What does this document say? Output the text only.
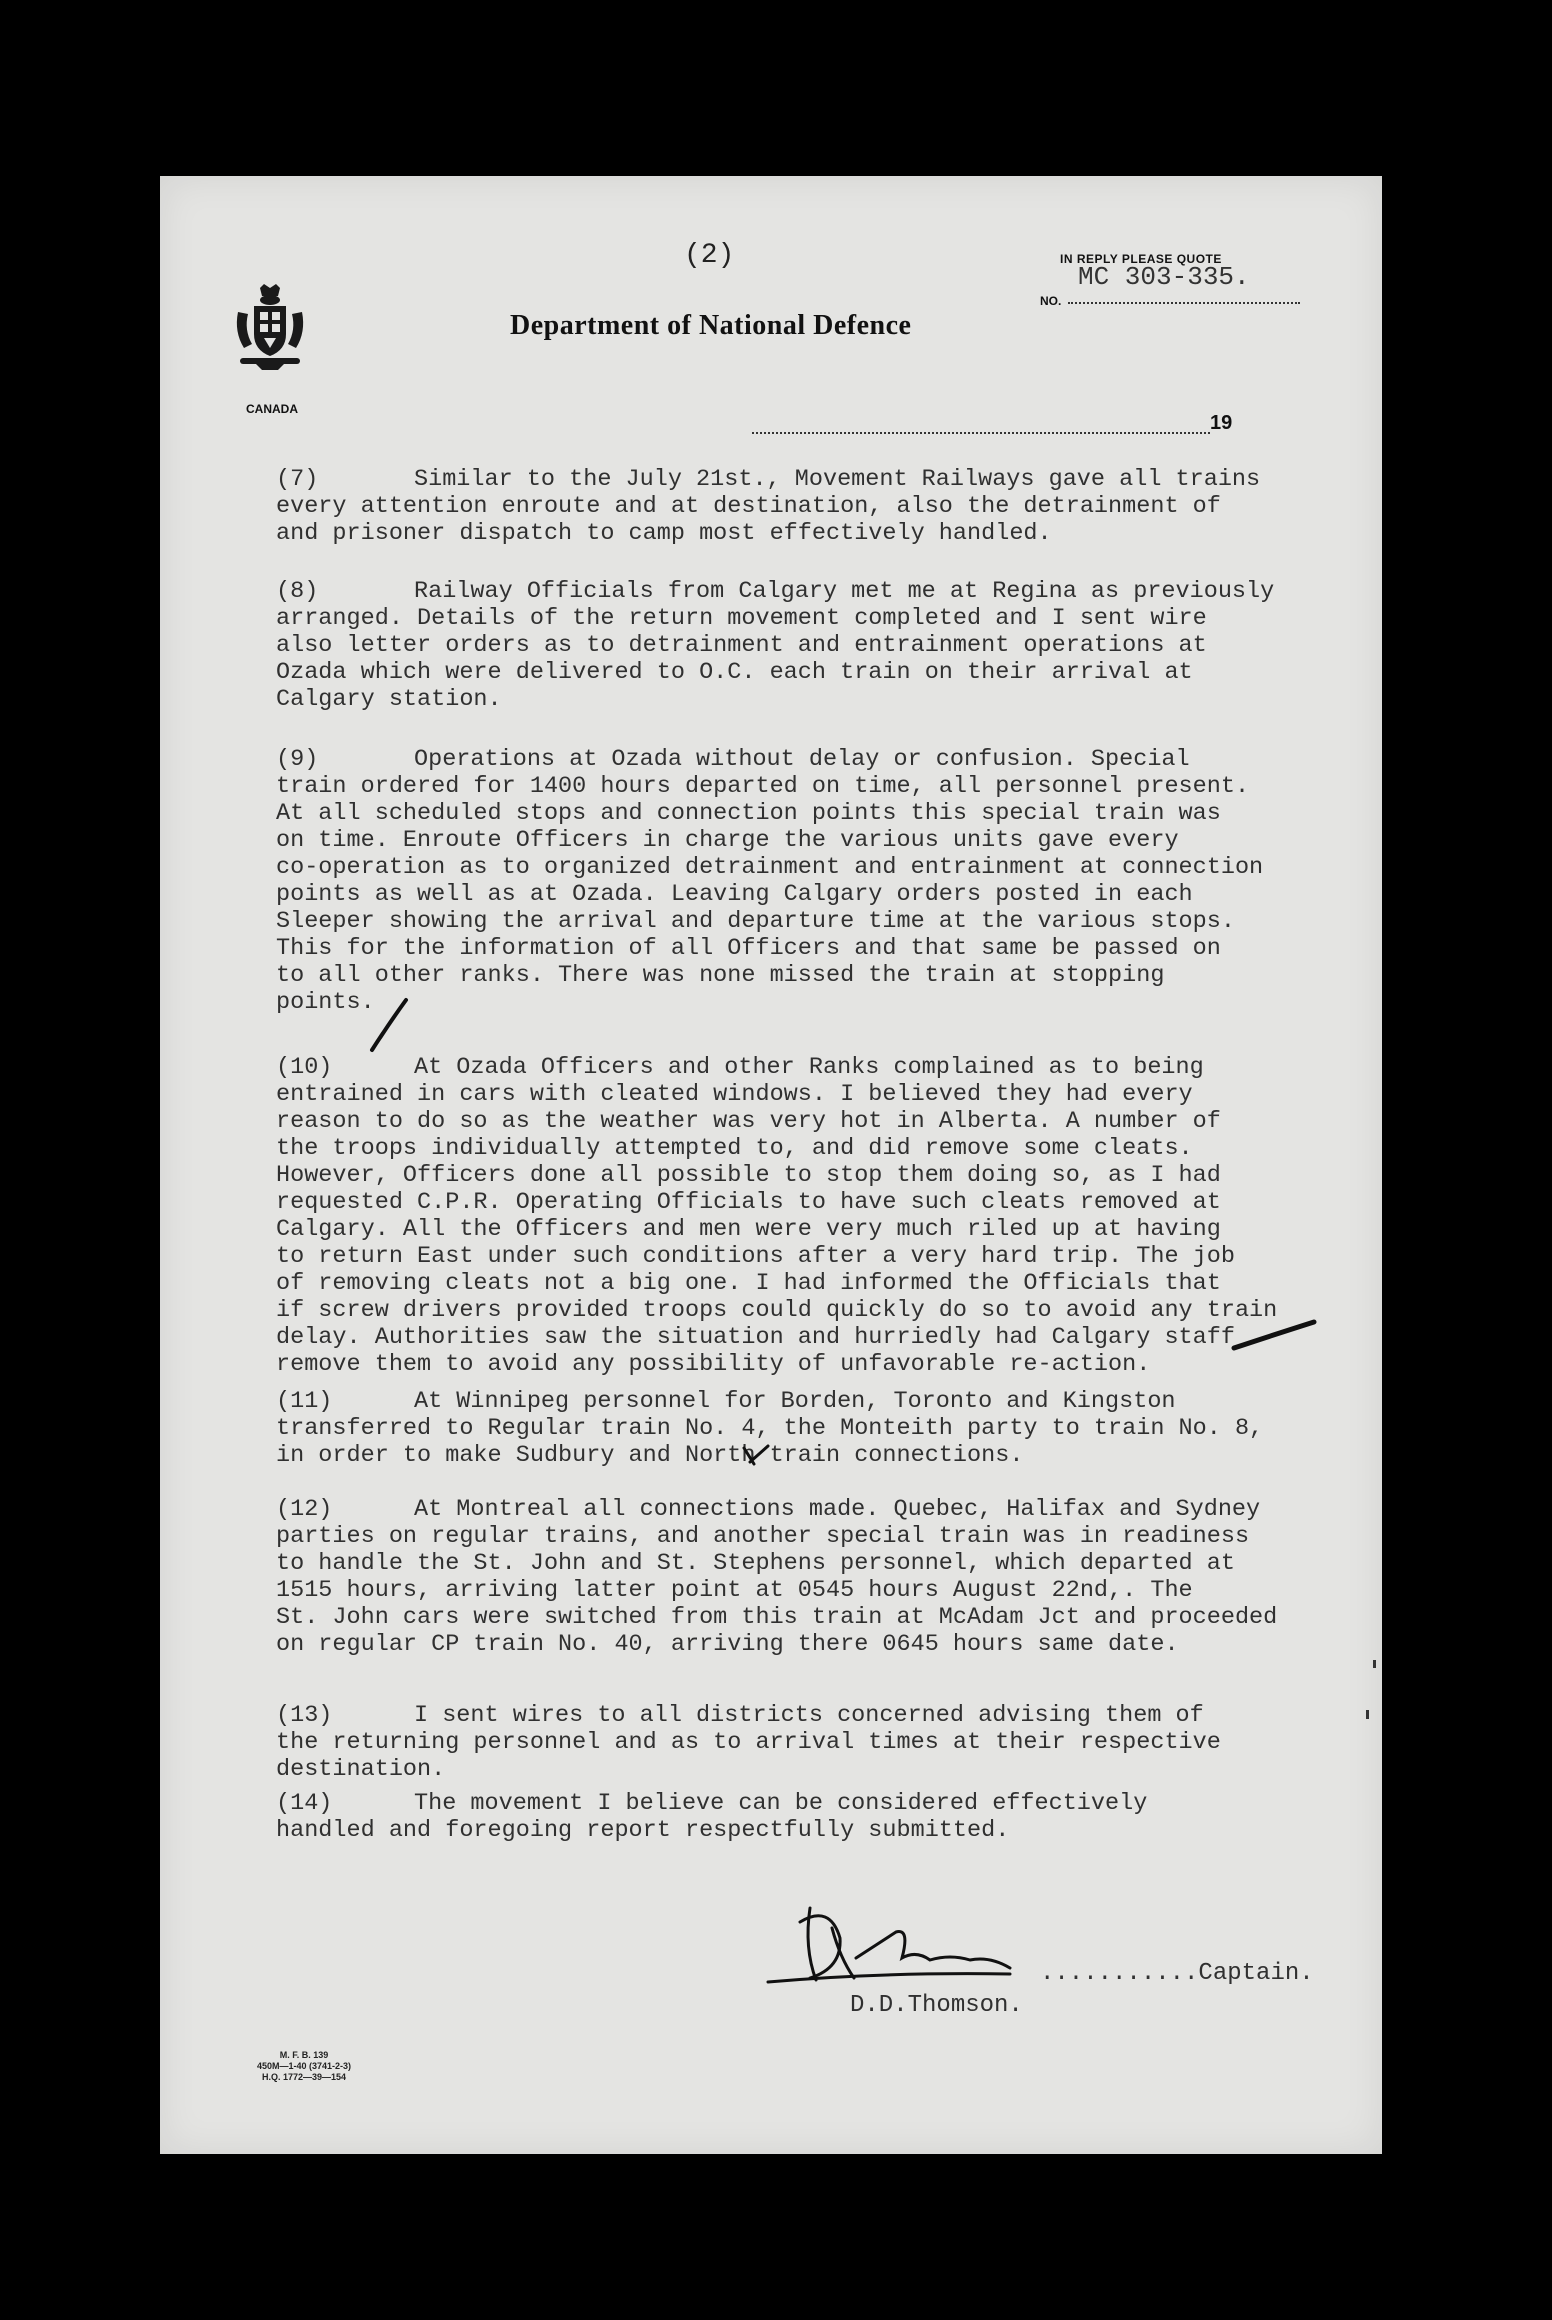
(2)	IN REPLY PLEASE QUOTE
MC 303-335.
NO.
CANADA
Department of National Defence
19
(7)	Similar to the July 21st., Movement Railways gave all trains
every attention enroute and at destination, also the detrainment of
and prisoner dispatch to camp most effectively handled.
(8)	Railway Officials from Calgary met me at Regina as previously
arranged. Details of the return movement completed and I sent wire
also letter orders as to detrainment and entrainment operations at
Ozada which were delivered to O.C. each train on their arrival at
Calgary station.
(9)	Operations at Ozada without delay or confusion. Special
train ordered for 1400 hours departed on time, all personnel present.
At all scheduled stops and connection points this special train was
on time. Enroute Officers in charge the various units gave every
co-operation as to organized detrainment and entrainment at connection
points as well as at Ozada. Leaving Calgary orders posted in each
Sleeper showing the arrival and departure time at the various stops.
This for the information of all Officers and that same be passed on
to all other ranks. There was none missed the train at stopping
points.
(10)	At Ozada Officers and other Ranks complained as to being
entrained in cars with cleated windows. I believed they had every
reason to do so as the weather was very hot in Alberta. A number of
the troops individually attempted to, and did remove some cleats.
However, Officers done all possible to stop them doing so, as I had
requested C.P.R. Operating Officials to have such cleats removed at
Calgary. All the Officers and men were very much riled up at having
to return East under such conditions after a very hard trip. The job
of removing cleats not a big one. I had informed the Officials that
if screw drivers provided troops could quickly do so to avoid any train
delay. Authorities saw the situation and hurriedly had Calgary staff
remove them to avoid any possibility of unfavorable re-action.
(11)	At Winnipeg personnel for Borden, Toronto and Kingston
transferred to Regular train No. 4, the Monteith party to train No. 8,
in order to make Sudbury and North train connections.
(12)	At Montreal all connections made. Quebec, Halifax and Sydney
parties on regular trains, and another special train was in readiness
to handle the St. John and St. Stephens personnel, which departed at
1515 hours, arriving latter point at 0545 hours August 22nd,. The
St. John cars were switched from this train at McAdam Jct and proceeded
on regular CP train No. 40, arriving there 0645 hours same date.
(13)	I sent wires to all districts concerned advising them of
the returning personnel and as to arrival times at their respective
destination.
(14)	The movement I believe can be considered effectively
handled and foregoing report respectfully submitted.
...........Captain.
D.D.Thomson.
M. F. B. 139
450M—1-40 (3741-2-3)
H.Q. 1772—39—154
